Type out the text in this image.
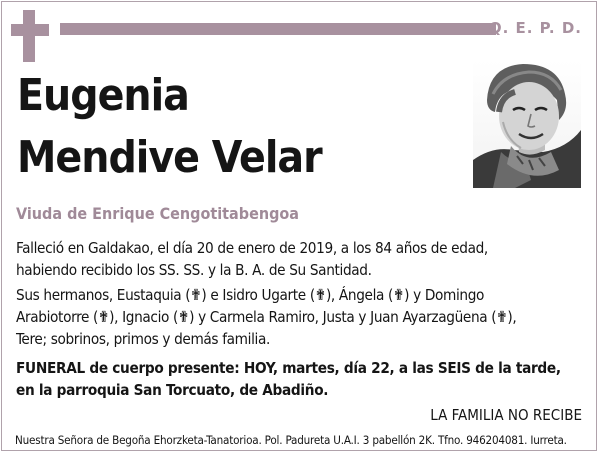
Q. E. P. D.
Eugenia
Mendive Velar
Viuda de Enrique Cengotitabengoa

Falleció en Galdakao, el día 20 de enero de 2019, a los 84 años de edad,
habiendo recibido los SS. SS. y la B. A. de Su Santidad.

Sus hermanos, Eustaquia (✟) e Isidro Ugarte (✟), Ángela (✟) y Domingo
Arabiotorre (✟), Ignacio (✟) y Carmela Ramiro, Justa y Juan Ayarzagüena (✟),
Tere; sobrinos, primos y demás familia.

FUNERAL de cuerpo presente: HOY, martes, día 22, a las SEIS de la tarde,
en la parroquia San Torcuato, de Abadiño.

LA FAMILIA NO RECIBE
Nuestra Señora de Begoña Ehorzketa-Tanatorioa. Pol. Padureta U.A.I. 3 pabellón 2K. Tfno. 946204081. Iurreta.
